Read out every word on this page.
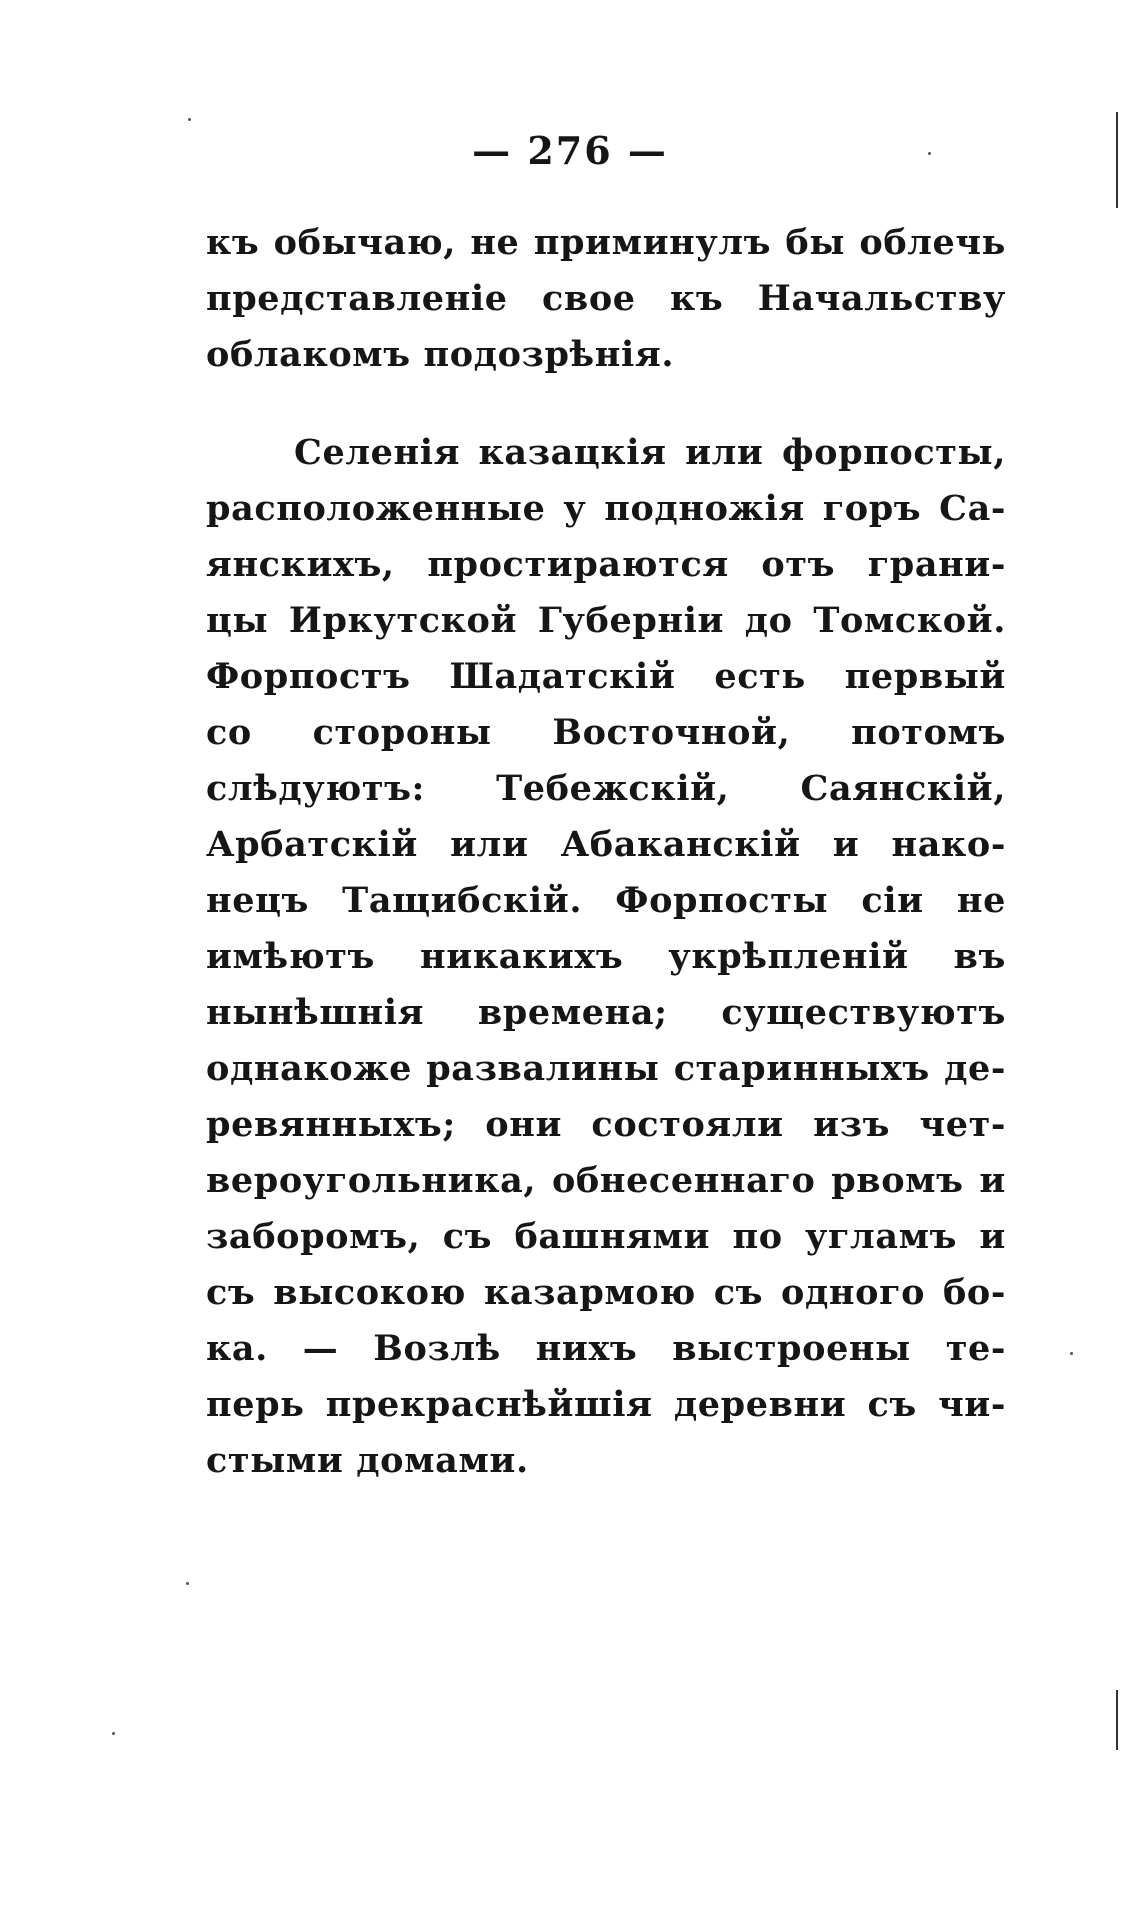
— 276 —
къ обычаю, не приминулъ бы облечь
представленіе свое къ Начальству
облакомъ подозрѣнія.
Селенія казацкія или форпосты,
расположенные у подножія горъ Са-
янскихъ, простираются отъ грани-
цы Иркутской Губерніи до Томской.
Форпостъ Шадатскій есть первый
со стороны Восточной, потомъ
слѣдуютъ: Тебежскій, Саянскій,
Арбатскій или Абаканскій и нако-
нецъ Тащибскій. Форпосты сіи не
имѣютъ никакихъ укрѣпленій въ
нынѣшнія времена; существуютъ
однакоже развалины старинныхъ де-
ревянныхъ; они состояли изъ чет-
вероугольника, обнесеннаго рвомъ и
заборомъ, съ башнями по угламъ и
съ высокою казармою съ одного бо-
ка. — Возлѣ нихъ выстроены те-
перь прекраснѣйшія деревни съ чи-
стыми домами.
